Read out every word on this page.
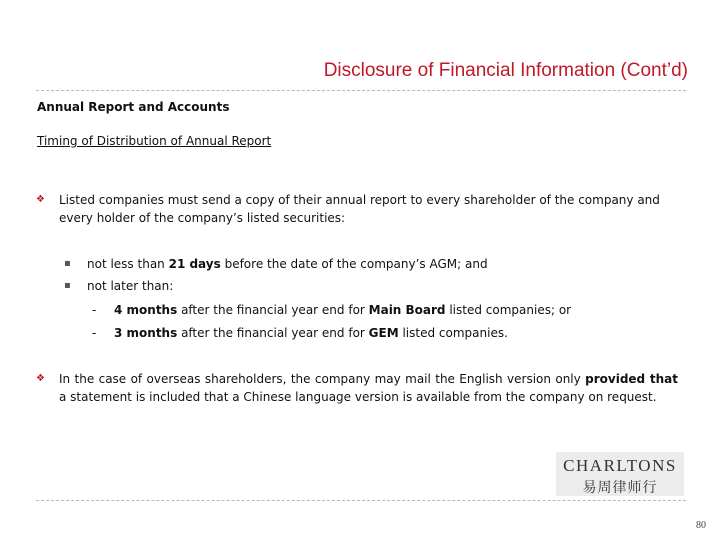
Disclosure of Financial Information (Cont’d)
Annual Report and Accounts
Timing of Distribution of Annual Report
❖	Listed companies must send a copy of their annual report to every shareholder of the company and every holder of the company’s listed securities:
▪ not less than 21 days before the date of the company’s AGM; and
▪ not later than:
- 4 months after the financial year end for Main Board listed companies; or
- 3 months after the financial year end for GEM listed companies.
❖	In the case of overseas shareholders, the company may mail the English version only provided that a statement is included that a Chinese language version is available from the company on request.
CHARLTONS
易周律师行
80
